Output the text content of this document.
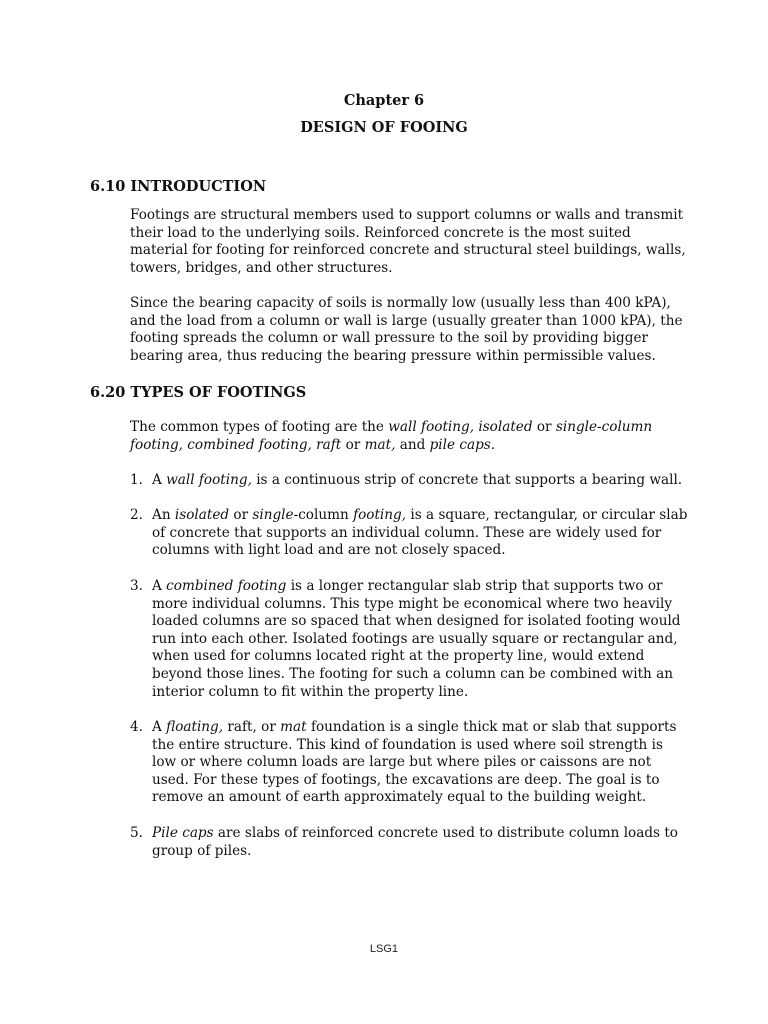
Chapter 6
DESIGN OF FOOING
6.10 INTRODUCTION

Footings are structural members used to support columns or walls and transmit their load to the underlying soils. Reinforced concrete is the most suited material for footing for reinforced concrete and structural steel buildings, walls, towers, bridges, and other structures.

Since the bearing capacity of soils is normally low (usually less than 400 kPA), and the load from a column or wall is large (usually greater than 1000 kPA), the footing spreads the column or wall pressure to the soil by providing bigger bearing area, thus reducing the bearing pressure within permissible values.

6.20 TYPES OF FOOTINGS

The common types of footing are the wall footing, isolated or single-column footing, combined footing, raft or mat, and pile caps.

1. A wall footing, is a continuous strip of concrete that supports a bearing wall.
2. An isolated or single-column footing, is a square, rectangular, or circular slab of concrete that supports an individual column. These are widely used for columns with light load and are not closely spaced.
3. A combined footing is a longer rectangular slab strip that supports two or more individual columns. This type might be economical where two heavily loaded columns are so spaced that when designed for isolated footing would run into each other. Isolated footings are usually square or rectangular and, when used for columns located right at the property line, would extend beyond those lines. The footing for such a column can be combined with an interior column to fit within the property line.
4. A floating, raft, or mat foundation is a single thick mat or slab that supports the entire structure. This kind of foundation is used where soil strength is low or where column loads are large but where piles or caissons are not used. For these types of footings, the excavations are deep. The goal is to remove an amount of earth approximately equal to the building weight.
5. Pile caps are slabs of reinforced concrete used to distribute column loads to group of piles.
LSG1
